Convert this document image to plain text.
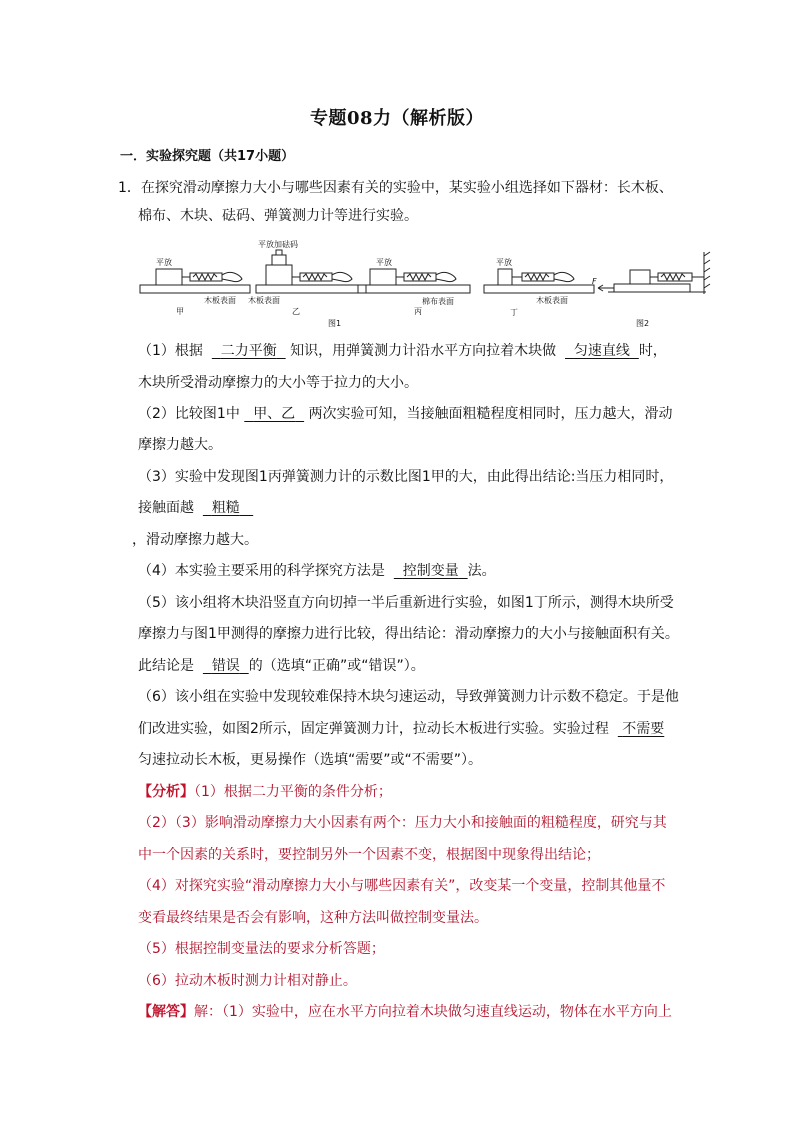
专题08力（解析版）
一．实验探究题（共17小题）
1．在探究滑动摩擦力大小与哪些因素有关的实验中，某实验小组选择如下器材：长木板、
棉布、木块、砝码、弹簧测力计等进行实验。
平放
平放加砝码
平放	平放
木板表面 木板表面	棉布表面	木板表面
甲	乙	丙	丁
图1	图2
F
（1）根据 二力平衡 知识，用弹簧测力计沿水平方向拉着木块做 匀速直线 时，
木块所受滑动摩擦力的大小等于拉力的大小。
（2）比较图1中 甲、乙 两次实验可知，当接触面粗糙程度相同时，压力越大，滑动
摩擦力越大。
（3）实验中发现图1丙弹簧测力计的示数比图1甲的大，由此得出结论:当压力相同时，
接触面越 粗糙
，滑动摩擦力越大。
（4）本实验主要采用的科学探究方法是 控制变量 法。
（5）该小组将木块沿竖直方向切掉一半后重新进行实验，如图1丁所示，测得木块所受
摩擦力与图1甲测得的摩擦力进行比较，得出结论：滑动摩擦力的大小与接触面积有关。
此结论是 错误 的（选填“正确”或“错误”）。
（6）该小组在实验中发现较难保持木块匀速运动，导致弹簧测力计示数不稳定。于是他
们改进实验，如图2所示，固定弹簧测力计，拉动长木板进行实验。实验过程 不需要
匀速拉动长木板，更易操作（选填“需要”或“不需要”）。
【分析】（1）根据二力平衡的条件分析；
（2）（3）影响滑动摩擦力大小因素有两个：压力大小和接触面的粗糙程度，研究与其
中一个因素的关系时，要控制另外一个因素不变，根据图中现象得出结论；
（4）对探究实验“滑动摩擦力大小与哪些因素有关”，改变某一个变量，控制其他量不
变看最终结果是否会有影响，这种方法叫做控制变量法。
（5）根据控制变量法的要求分析答题；
（6）拉动木板时测力计相对静止。
【解答】解：（1）实验中，应在水平方向拉着木块做匀速直线运动，物体在水平方向上
